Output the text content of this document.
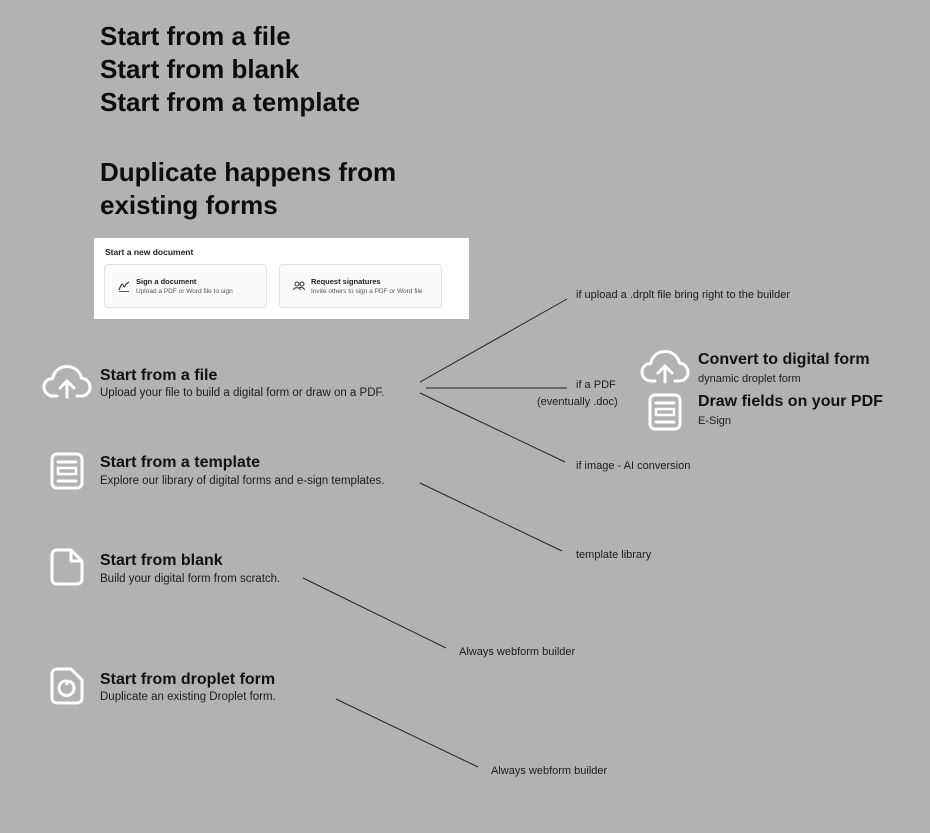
Start from a file
Start from blank
Start from a template
Duplicate happens from
existing forms
Start a new document
Sign a document
Upload a PDF or Word file to sign
Request signatures
Invite others to sign a PDF or Word file
Start from a file
Upload your file to build a digital form or draw on a PDF.
Start from a template
Explore our library of digital forms and e-sign templates.
Start from blank
Build your digital form from scratch.
Start from droplet form
Duplicate an existing Droplet form.
if upload a .drplt file bring right to the builder
if a PDF
(eventually .doc)
if image - AI conversion
template library
Always webform builder
Always webform builder
Convert to digital form
dynamic droplet form
Draw fields on your PDF
E-Sign
